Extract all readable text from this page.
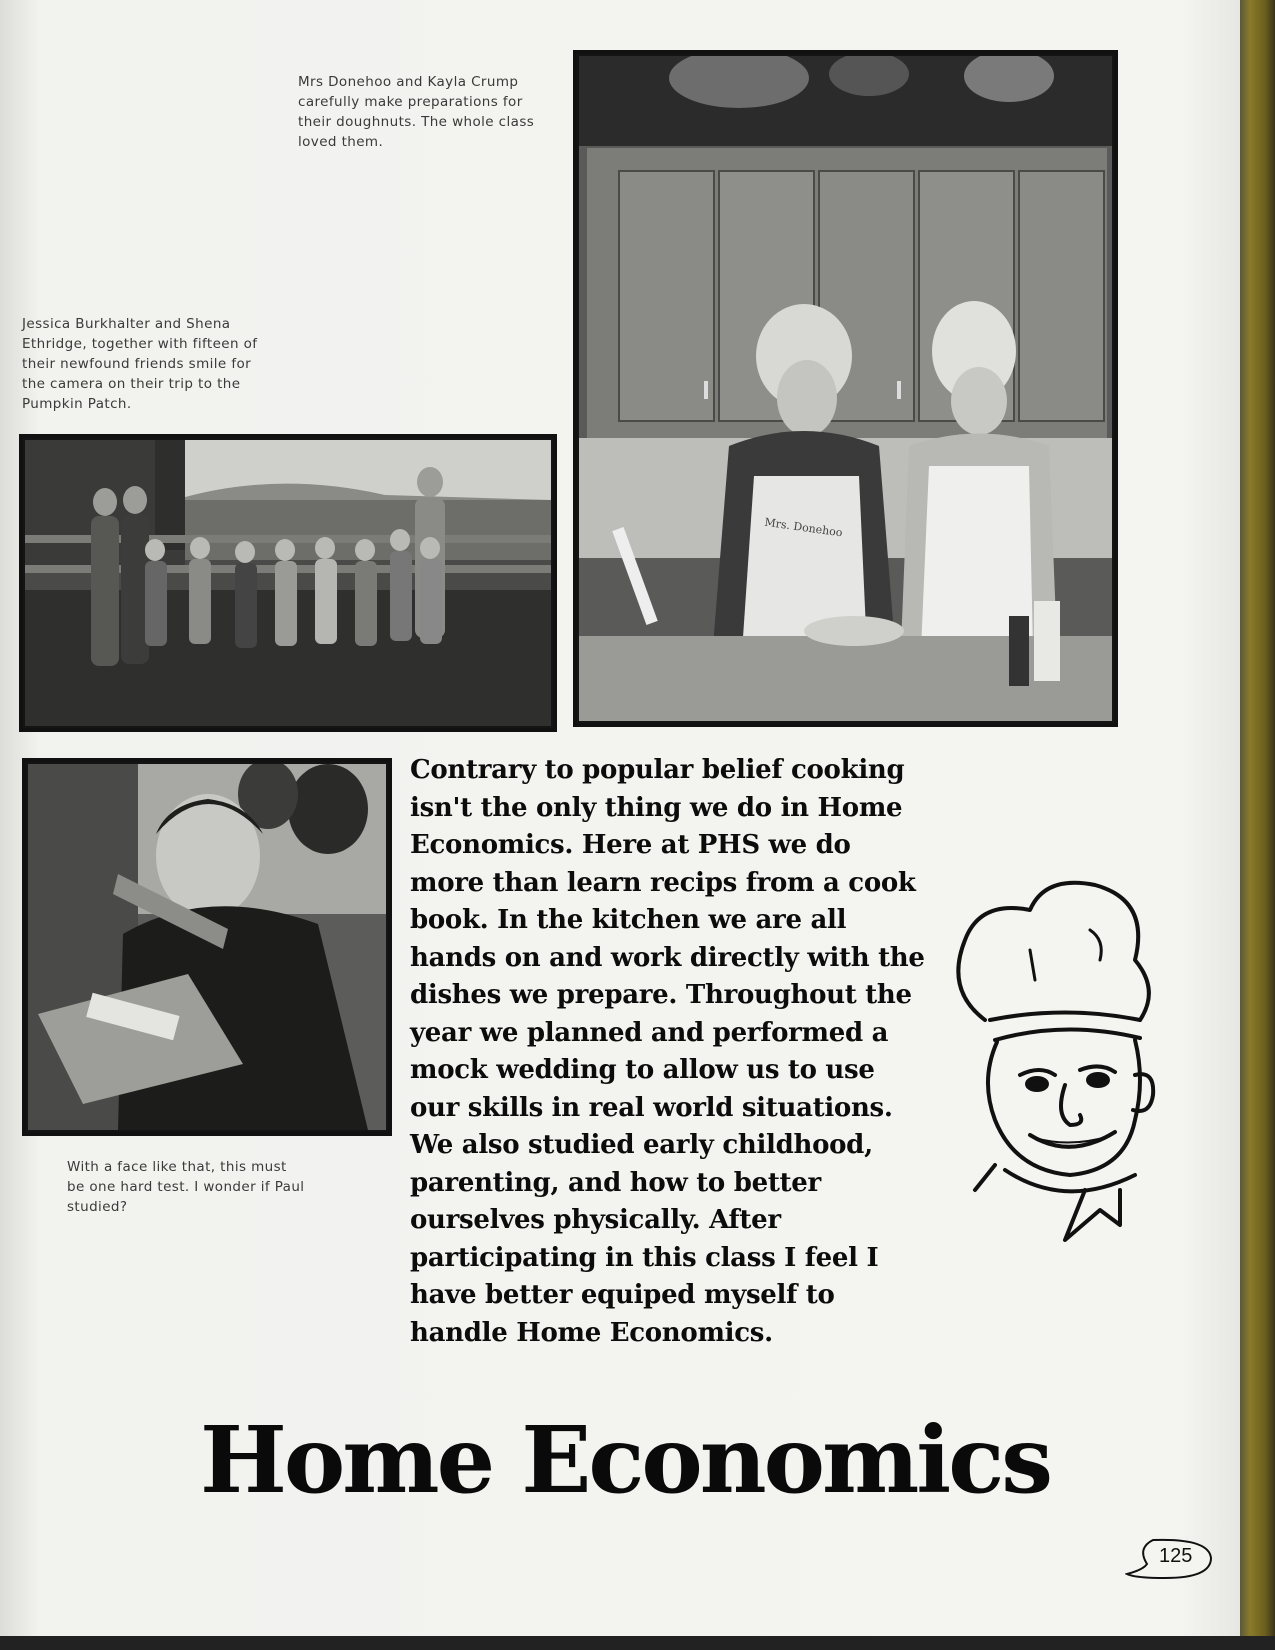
Mrs Donehoo and Kayla Crump carefully make preparations for their doughnuts. The whole class loved them.
Mrs. Donehoo
Jessica Burkhalter and Shena Ethridge, together with fifteen of their newfound friends smile for the camera on their trip to the Pumpkin Patch.
With a face like that, this must be one hard test. I wonder if Paul studied?
Contrary to popular belief cooking isn't the only thing we do in Home Economics. Here at PHS we do more than learn recips from a cook book. In the kitchen we are all hands on and work directly with the dishes we prepare. Throughout the year we planned and performed a mock wedding to allow us to use our skills in real world situations. We also studied early childhood, parenting, and how to better ourselves physically. After participating in this class I feel I have better equiped myself to handle Home Economics.
Home Economics
125
